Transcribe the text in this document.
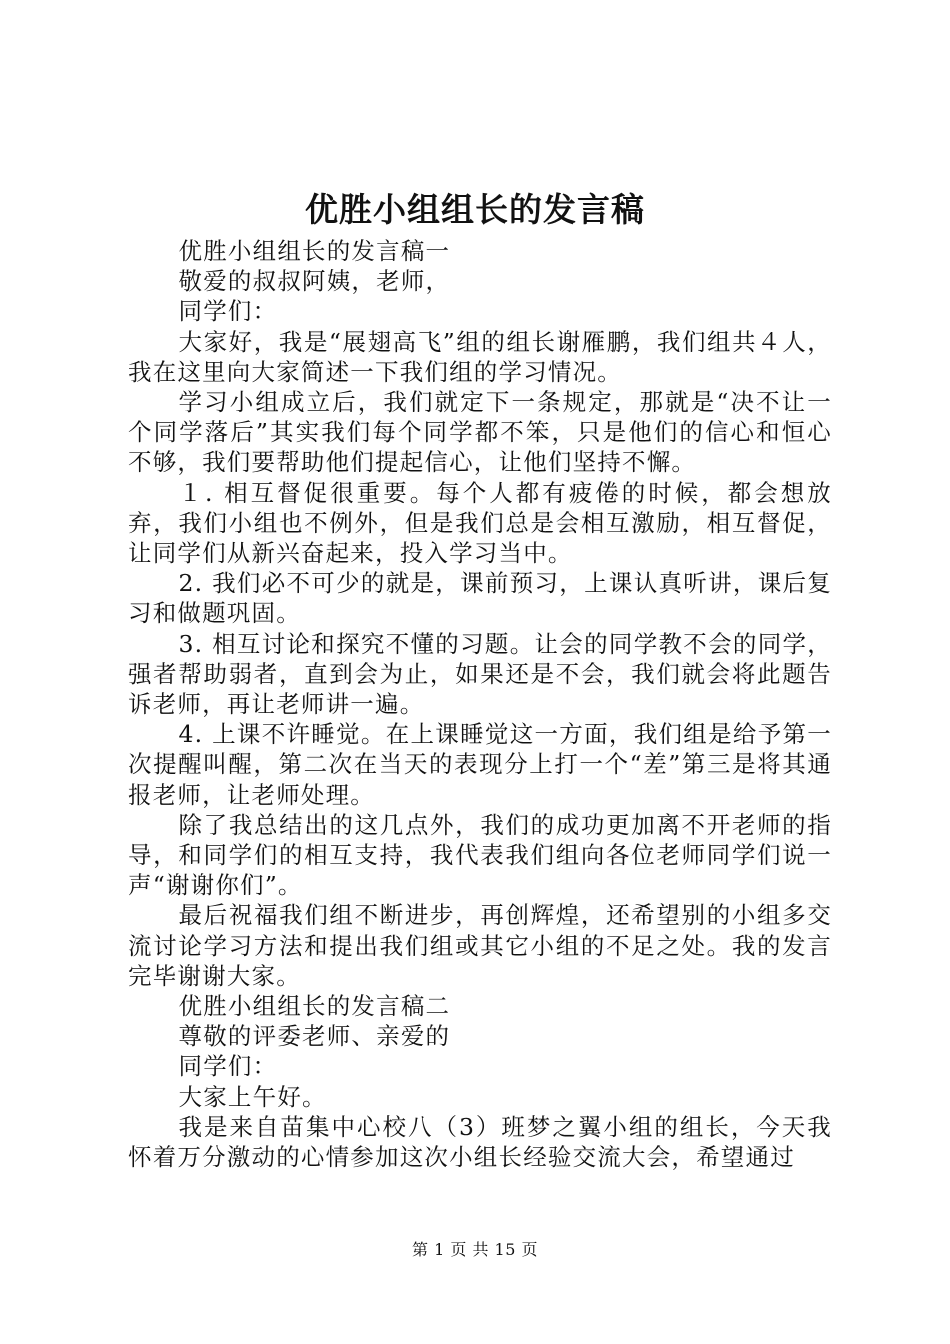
优胜小组组长的发言稿

优胜小组组长的发言稿一

敬爱的叔叔阿姨，老师，

同学们：

大家好，我是“展翅高飞”组的组长谢雁鹏，我们组共４人，我在这里向大家简述一下我们组的学习情况。

学习小组成立后，我们就定下一条规定，那就是“决不让一个同学落后”其实我们每个同学都不笨，只是他们的信心和恒心不够，我们要帮助他们提起信心，让他们坚持不懈。

１. 相互督促很重要。每个人都有疲倦的时候，都会想放弃，我们小组也不例外，但是我们总是会相互激励，相互督促，让同学们从新兴奋起来，投入学习当中。

2. 我们必不可少的就是，课前预习，上课认真听讲，课后复习和做题巩固。

3. 相互讨论和探究不懂的习题。让会的同学教不会的同学，强者帮助弱者，直到会为止，如果还是不会，我们就会将此题告诉老师，再让老师讲一遍。

4. 上课不许睡觉。在上课睡觉这一方面，我们组是给予第一次提醒叫醒，第二次在当天的表现分上打一个“差”第三是将其通报老师，让老师处理。

除了我总结出的这几点外，我们的成功更加离不开老师的指导，和同学们的相互支持，我代表我们组向各位老师同学们说一声“谢谢你们”。

最后祝福我们组不断进步，再创辉煌，还希望别的小组多交流讨论学习方法和提出我们组或其它小组的不足之处。我的发言完毕谢谢大家。

优胜小组组长的发言稿二

尊敬的评委老师、亲爱的

同学们：

大家上午好。

我是来自苗集中心校八（3）班梦之翼小组的组长，今天我怀着万分激动的心情参加这次小组长经验交流大会，希望通过

第 1 页 共 15 页
